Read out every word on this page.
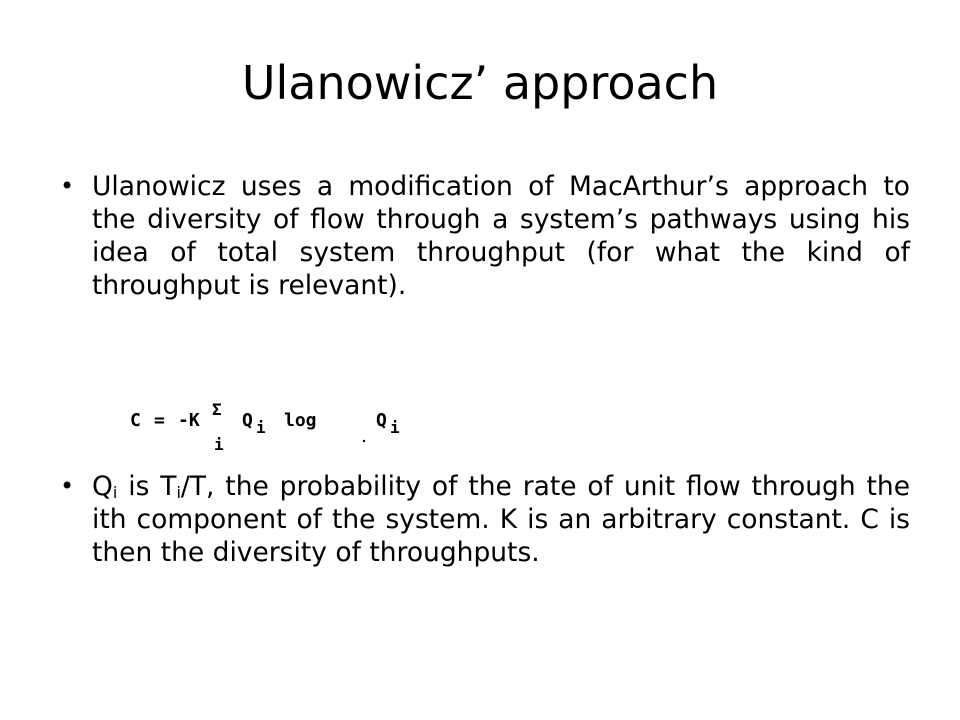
Ulanowicz’ approach
• Ulanowicz uses a modification of MacArthur’s approach to the diversity of flow through a system’s pathways using his idea of total system throughput (for what the kind of throughput is relevant).
C = -K
Σ
i
Q i log	Q i
• $Q_i$ is $T_i/T$, the probability of the rate of unit flow through the ith component of the system. K is an arbitrary constant. C is then the diversity of throughputs.
